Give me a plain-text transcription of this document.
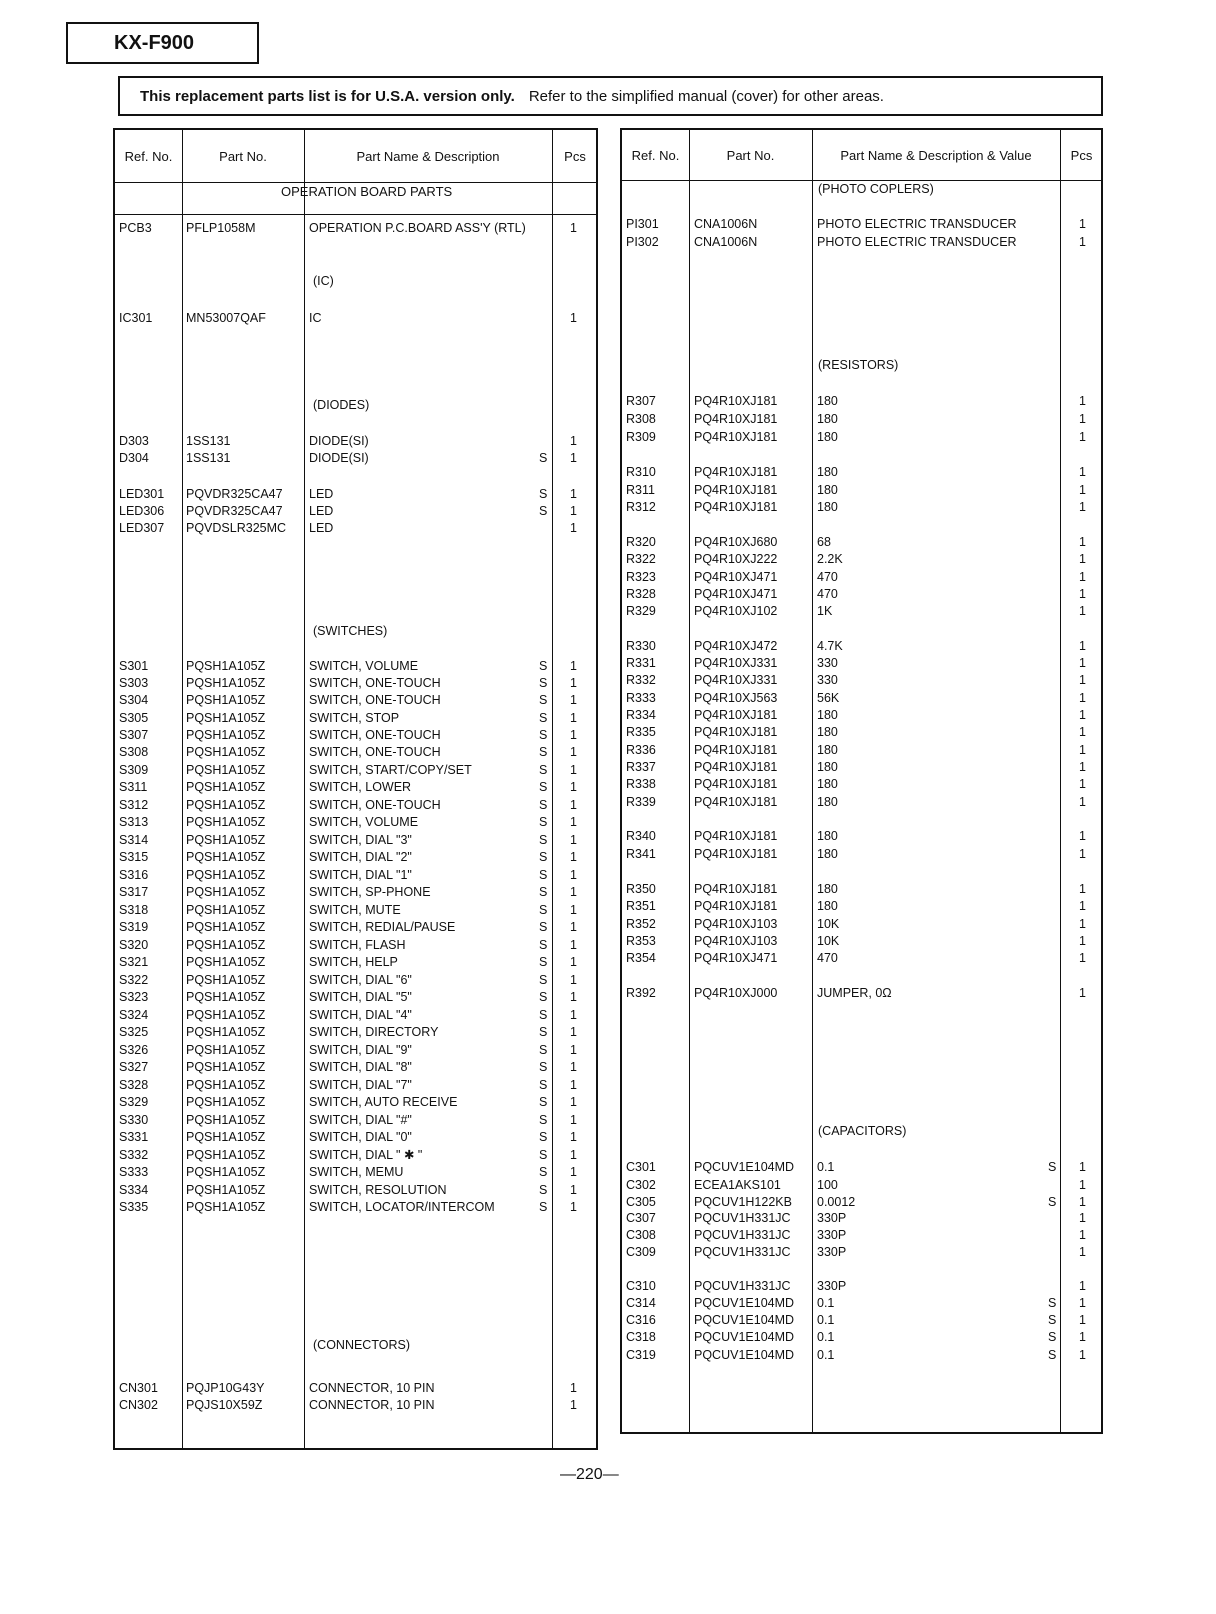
KX-F900
This replacement parts list is for U.S.A. version only. Refer to the simplified manual (cover) for other areas.
Ref. No.	Part No.	Part Name & Description	Pcs
OPERATION BOARD PARTS
(IC)
(DIODES)
(SWITCHES)
(CONNECTORS)
PCB3	PFLP1058M	OPERATION P.C.BOARD ASS'Y (RTL)	1
IC301	MN53007QAF	IC	1
D303	1SS131	DIODE(SI)	1
D304	1SS131	DIODE(SI)	S 1
LED301 PQVDR325CA47 LED	S 1
LED306 PQVDR325CA47 LED	S 1
LED307 PQVDSLR325MC LED	1
S301	PQSH1A105Z	SWITCH, VOLUME	S 1
S303	PQSH1A105Z	SWITCH, ONE-TOUCH	S 1
S304	PQSH1A105Z	SWITCH, ONE-TOUCH	S 1
S305	PQSH1A105Z	SWITCH, STOP	S 1
S307	PQSH1A105Z	SWITCH, ONE-TOUCH	S 1
S308	PQSH1A105Z	SWITCH, ONE-TOUCH	S 1
S309	PQSH1A105Z	SWITCH, START/COPY/SET	S 1
S311	PQSH1A105Z	SWITCH, LOWER	S 1
S312	PQSH1A105Z	SWITCH, ONE-TOUCH	S 1
S313	PQSH1A105Z	SWITCH, VOLUME	S 1
S314	PQSH1A105Z	SWITCH, DIAL "3"	S 1
S315	PQSH1A105Z	SWITCH, DIAL "2"	S 1
S316	PQSH1A105Z	SWITCH, DIAL "1"	S 1
S317	PQSH1A105Z	SWITCH, SP-PHONE	S 1
S318	PQSH1A105Z	SWITCH, MUTE	S 1
S319	PQSH1A105Z	SWITCH, REDIAL/PAUSE	S 1
S320	PQSH1A105Z	SWITCH, FLASH	S 1
S321	PQSH1A105Z	SWITCH, HELP	S 1
S322	PQSH1A105Z	SWITCH, DIAL "6"	S 1
S323	PQSH1A105Z	SWITCH, DIAL "5"	S 1
S324	PQSH1A105Z	SWITCH, DIAL "4"	S 1
S325	PQSH1A105Z	SWITCH, DIRECTORY	S 1
S326	PQSH1A105Z	SWITCH, DIAL "9"	S 1
S327	PQSH1A105Z	SWITCH, DIAL "8"	S 1
S328	PQSH1A105Z	SWITCH, DIAL "7"	S 1
S329	PQSH1A105Z	SWITCH, AUTO RECEIVE	S 1
S330	PQSH1A105Z	SWITCH, DIAL "#"	S 1
S331	PQSH1A105Z	SWITCH, DIAL "0"	S 1
S332	PQSH1A105Z	SWITCH, DIAL " ✱ "	S 1
S333	PQSH1A105Z	SWITCH, MEMU	S 1
S334	PQSH1A105Z	SWITCH, RESOLUTION	S 1
S335	PQSH1A105Z	SWITCH, LOCATOR/INTERCOM	S 1
CN301 PQJP10G43Y	CONNECTOR, 10 PIN	1
CN302 PQJS10X59Z	CONNECTOR, 10 PIN	1
Ref. No.	Part No.	Part Name & Description & Value	Pcs
(PHOTO COPLERS)
(RESISTORS)
(CAPACITORS)
PI301	CNA1006N	PHOTO ELECTRIC TRANSDUCER	1
PI302	CNA1006N	PHOTO ELECTRIC TRANSDUCER	1
R307	PQ4R10XJ181	180	1
R308	PQ4R10XJ181	180	1
R309	PQ4R10XJ181	180	1
R310	PQ4R10XJ181	180	1
R311	PQ4R10XJ181	180	1
R312	PQ4R10XJ181	180	1
R320	PQ4R10XJ680	68	1
R322	PQ4R10XJ222	2.2K	1
R323	PQ4R10XJ471	470	1
R328	PQ4R10XJ471	470	1
R329	PQ4R10XJ102	1K	1
R330	PQ4R10XJ472	4.7K	1
R331	PQ4R10XJ331	330	1
R332	PQ4R10XJ331	330	1
R333	PQ4R10XJ563	56K	1
R334	PQ4R10XJ181	180	1
R335	PQ4R10XJ181	180	1
R336	PQ4R10XJ181	180	1
R337	PQ4R10XJ181	180	1
R338	PQ4R10XJ181	180	1
R339	PQ4R10XJ181	180	1
R340	PQ4R10XJ181	180	1
R341	PQ4R10XJ181	180	1
R350	PQ4R10XJ181	180	1
R351	PQ4R10XJ181	180	1
R352	PQ4R10XJ103	10K	1
R353	PQ4R10XJ103	10K	1
R354	PQ4R10XJ471	470	1
R392	PQ4R10XJ000	JUMPER, 0Ω	1
C301	PQCUV1E104MD 0.1	S 1
C302	ECEA1AKS101	100	1
C305	PQCUV1H122KB 0.0012	S 1
C307	PQCUV1H331JC 330P	1
C308	PQCUV1H331JC 330P	1
C309	PQCUV1H331JC 330P	1
C310	PQCUV1H331JC 330P	1
C314	PQCUV1E104MD 0.1	S 1
C316	PQCUV1E104MD 0.1	S 1
C318	PQCUV1E104MD 0.1	S 1
C319	PQCUV1E104MD 0.1	S 1
—220—
